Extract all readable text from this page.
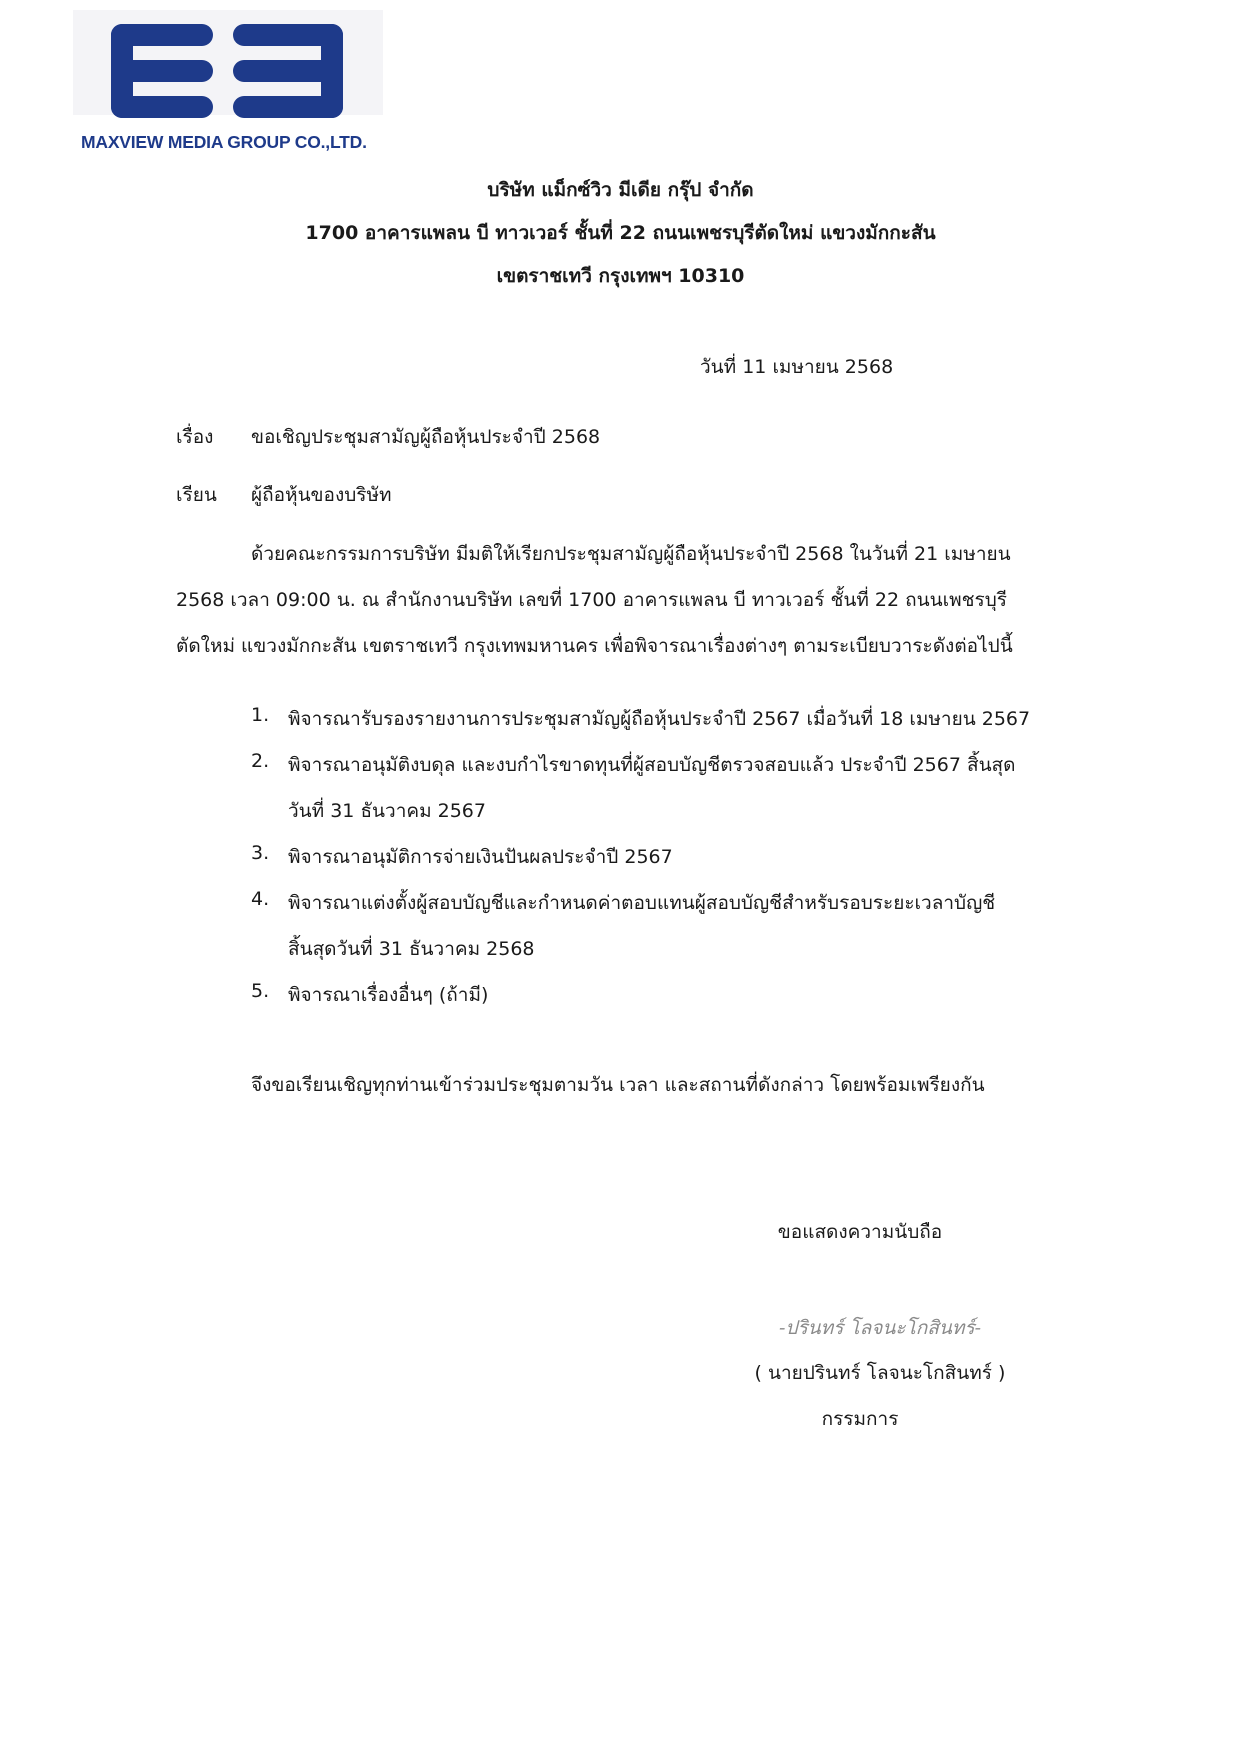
MAXVIEW MEDIA GROUP CO.,LTD.
บริษัท แม็กซ์วิว มีเดีย กรุ๊ป จำกัด
1700 อาคารแพลน บี ทาวเวอร์ ชั้นที่ 22 ถนนเพชรบุรีตัดใหม่ แขวงมักกะสัน
เขตราชเทวี กรุงเทพฯ 10310
วันที่ 11 เมษายน 2568
เรื่อง ขอเชิญประชุมสามัญผู้ถือหุ้นประจำปี 2568
เรียน ผู้ถือหุ้นของบริษัท
ด้วยคณะกรรมการบริษัท มีมติให้เรียกประชุมสามัญผู้ถือหุ้นประจำปี 2568 ในวันที่ 21 เมษายน
2568 เวลา 09:00 น. ณ สำนักงานบริษัท เลขที่ 1700 อาคารแพลน บี ทาวเวอร์ ชั้นที่ 22 ถนนเพชรบุรี
ตัดใหม่ แขวงมักกะสัน เขตราชเทวี กรุงเทพมหานคร เพื่อพิจารณาเรื่องต่างๆ ตามระเบียบวาระดังต่อไปนี้
1. พิจารณารับรองรายงานการประชุมสามัญผู้ถือหุ้นประจำปี 2567 เมื่อวันที่ 18 เมษายน 2567
2. พิจารณาอนุมัติงบดุล และงบกำไรขาดทุนที่ผู้สอบบัญชีตรวจสอบแล้ว ประจำปี 2567 สิ้นสุด
วันที่ 31 ธันวาคม 2567
3. พิจารณาอนุมัติการจ่ายเงินปันผลประจำปี 2567
4. พิจารณาแต่งตั้งผู้สอบบัญชีและกำหนดค่าตอบแทนผู้สอบบัญชีสำหรับรอบระยะเวลาบัญชี
สิ้นสุดวันที่ 31 ธันวาคม 2568
5. พิจารณาเรื่องอื่นๆ (ถ้ามี)
จึงขอเรียนเชิญทุกท่านเข้าร่วมประชุมตามวัน เวลา และสถานที่ดังกล่าว โดยพร้อมเพรียงกัน
ขอแสดงความนับถือ
-ปรินทร์ โลจนะโกสินทร์-
( นายปรินทร์ โลจนะโกสินทร์ )
กรรมการ
